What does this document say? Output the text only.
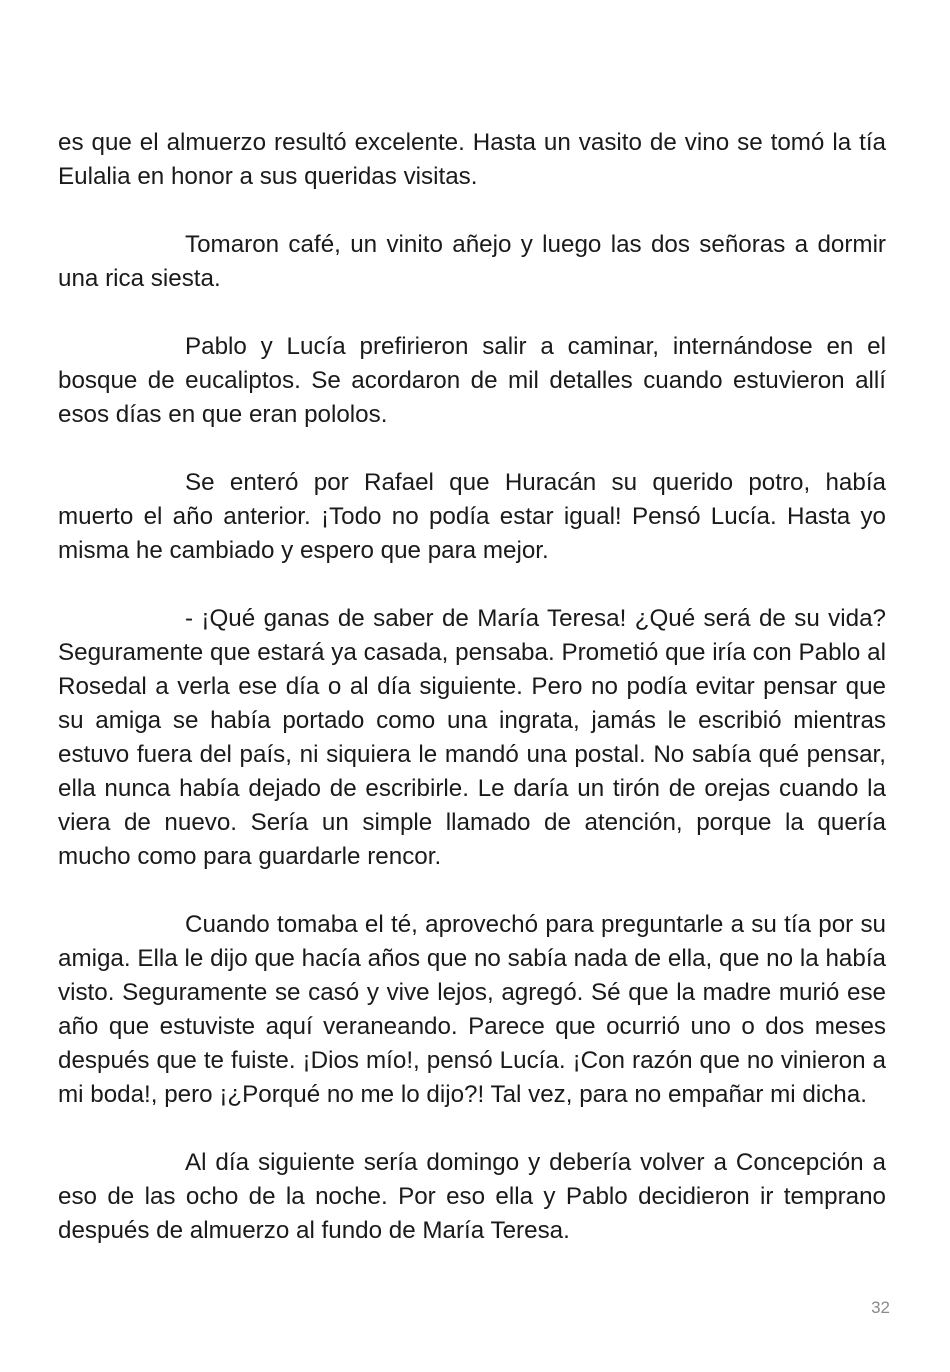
es que el almuerzo resultó excelente. Hasta un vasito de vino se tomó la tía Eulalia en honor a sus queridas visitas.

Tomaron café, un vinito añejo y luego las dos señoras a dormir una rica siesta.

Pablo y Lucía prefirieron salir a caminar, internándose en el bosque de eucaliptos. Se acordaron de mil detalles cuando estuvieron allí esos días en que eran pololos.

Se enteró por Rafael que Huracán su querido potro, había muerto el año anterior. ¡Todo no podía estar igual! Pensó Lucía. Hasta yo misma he cambiado y espero que para mejor.

- ¡Qué ganas de saber de María Teresa! ¿Qué será de su vida? Seguramente que estará ya casada, pensaba. Prometió que iría con Pablo al Rosedal a verla ese día o al día siguiente. Pero no podía evitar pensar que su amiga se había portado como una ingrata, jamás le escribió mientras estuvo fuera del país, ni siquiera le mandó una postal. No sabía qué pensar, ella nunca había dejado de escribirle. Le daría un tirón de orejas cuando la viera de nuevo. Sería un simple llamado de atención, porque la quería mucho como para guardarle rencor.

Cuando tomaba el té, aprovechó para preguntarle a su tía por su amiga. Ella le dijo que hacía años que no sabía nada de ella, que no la había visto. Seguramente se casó y vive lejos, agregó. Sé que la madre murió ese año que estuviste aquí veraneando. Parece que ocurrió uno o dos meses después que te fuiste. ¡Dios mío!, pensó Lucía. ¡Con razón que no vinieron a mi boda!, pero ¡¿Porqué no me lo dijo?! Tal vez, para no empañar mi dicha.

Al día siguiente sería domingo y debería volver a Concepción a eso de las ocho de la noche. Por eso ella y Pablo decidieron ir temprano después de almuerzo al fundo de María Teresa.

32
